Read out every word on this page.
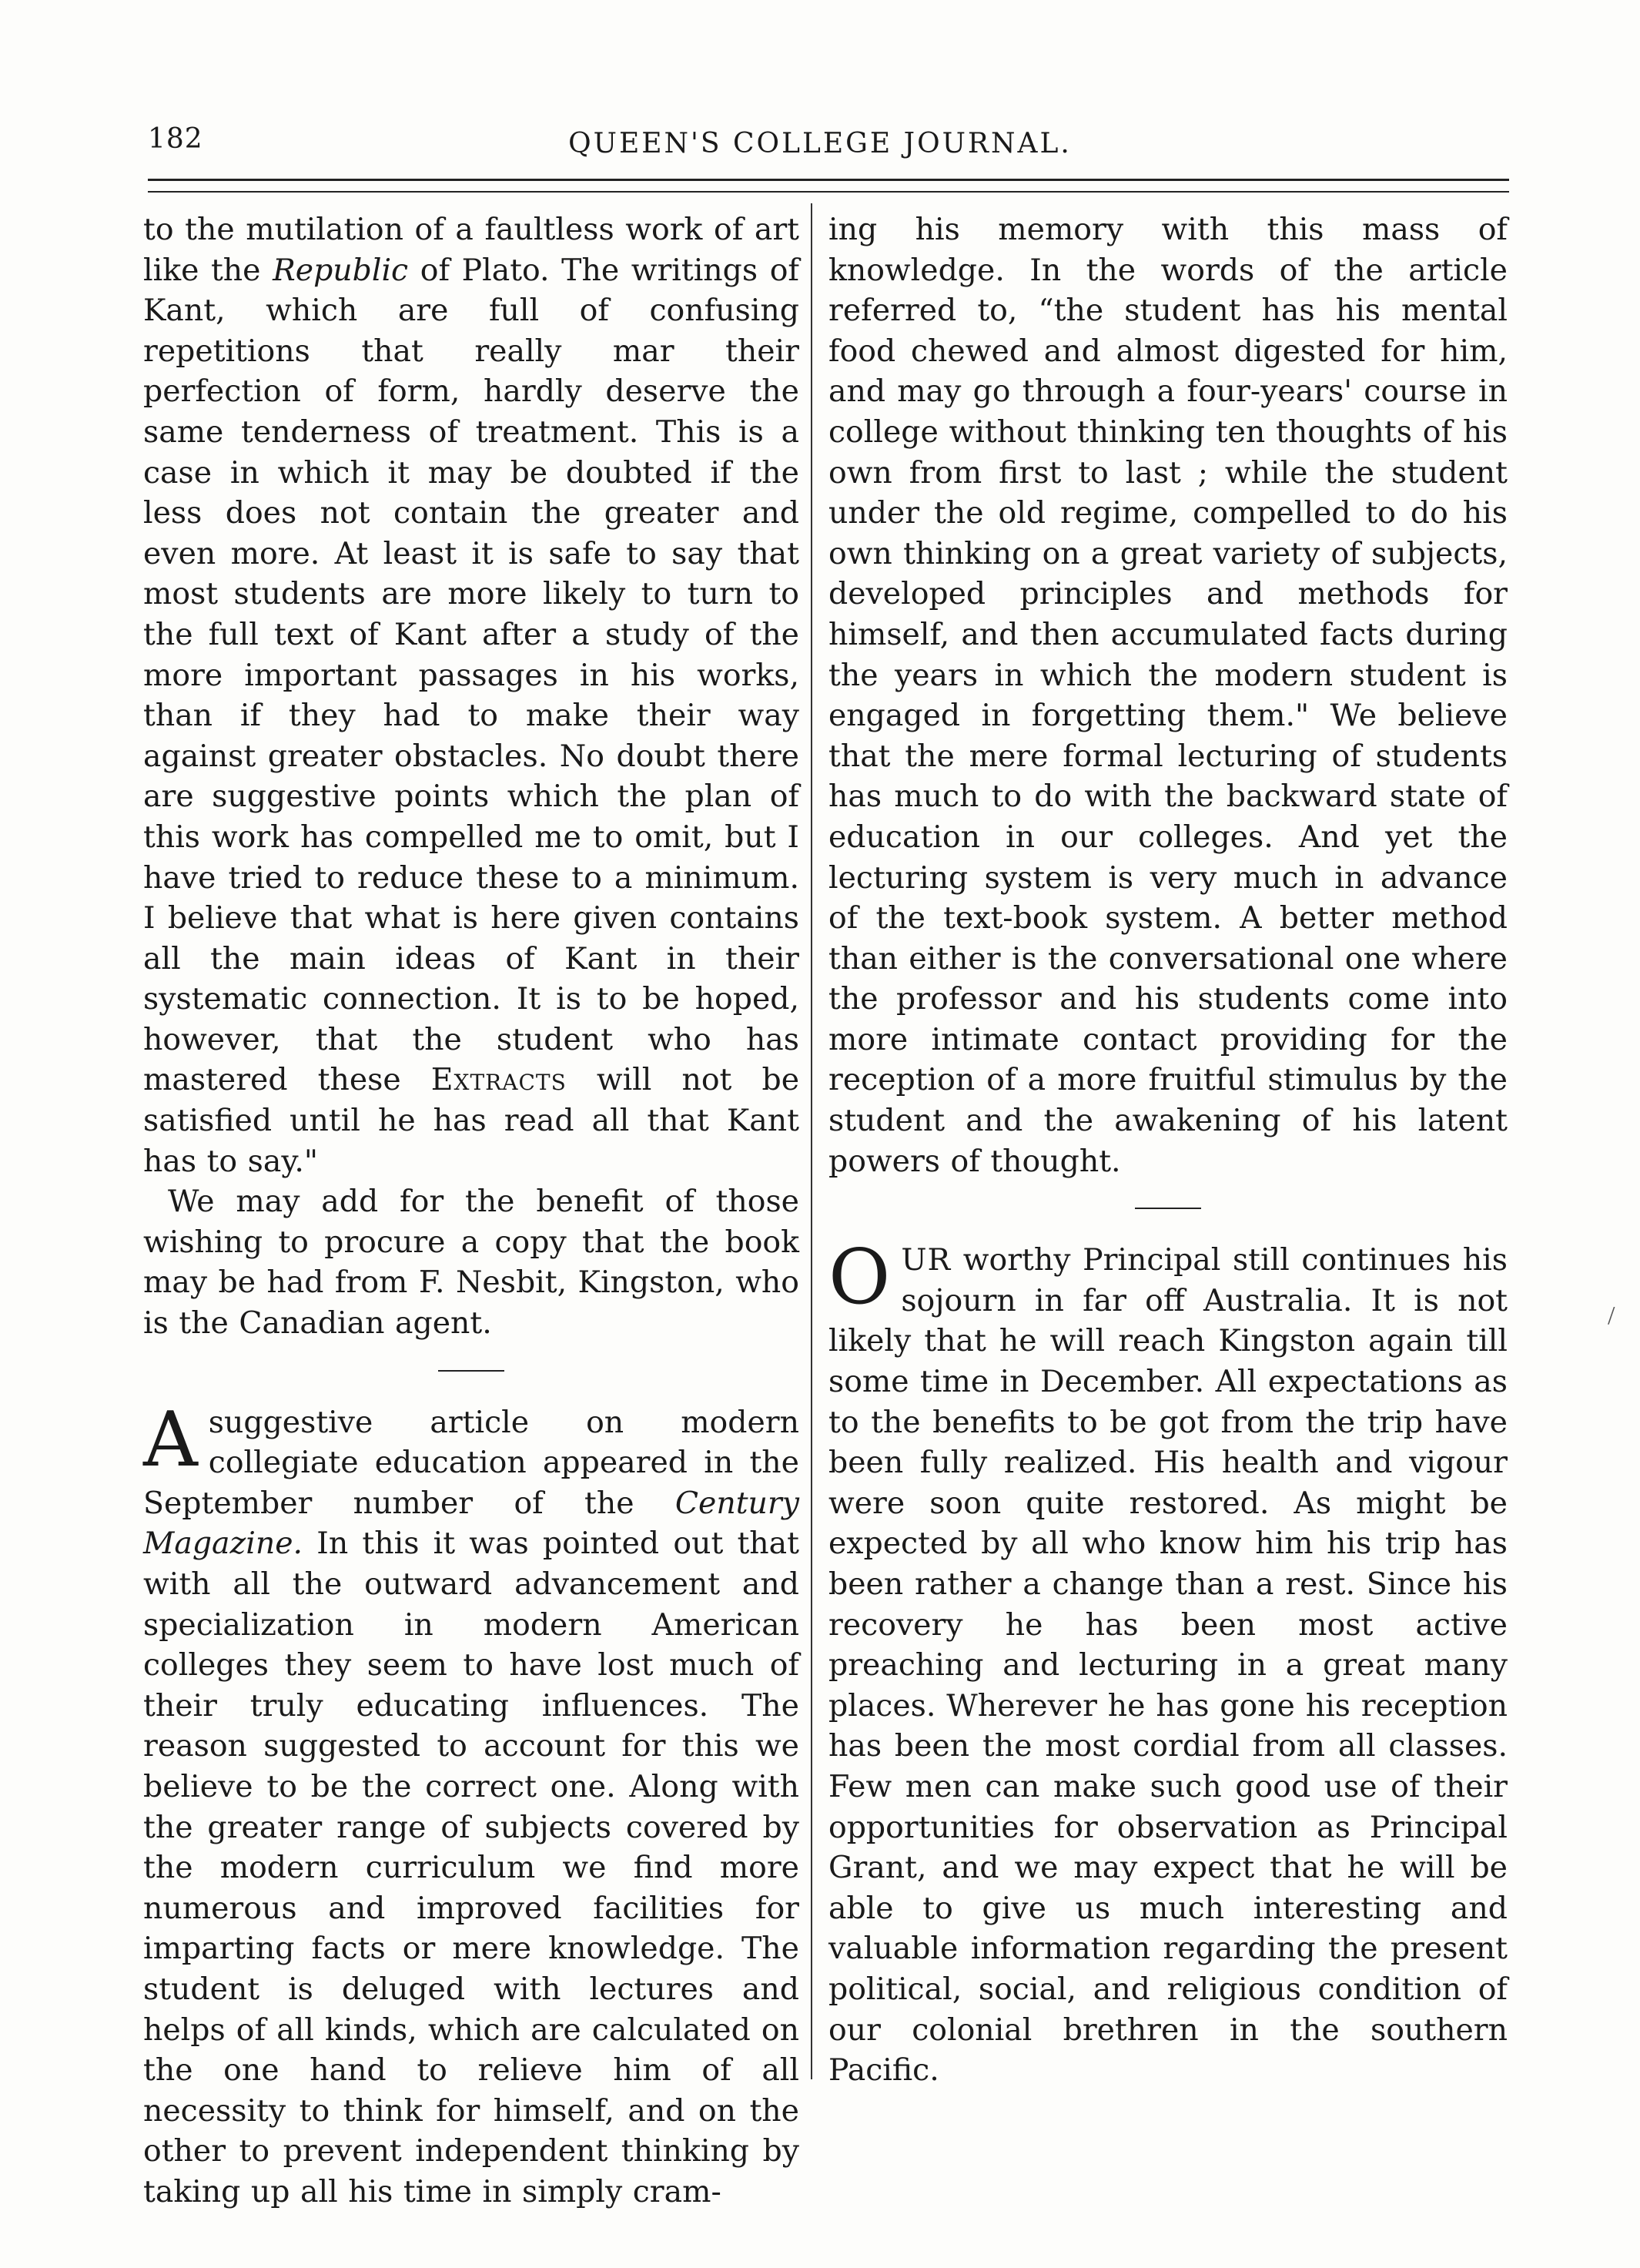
182	QUEEN'S COLLEGE JOURNAL.

to the mutilation of a faultless work of art like the Republic of Plato. The writings of Kant, which are full of confusing repetitions that really mar their perfection of form, hardly deserve the same tenderness of treatment. This is a case in which it may be doubted if the less does not contain the greater and even more. At least it is safe to say that most students are more likely to turn to the full text of Kant after a study of the more important passages in his works, than if they had to make their way against greater obstacles. No doubt there are suggestive points which the plan of this work has compelled me to omit, but I have tried to reduce these to a minimum. I believe that what is here given contains all the main ideas of Kant in their systematic connection. It is to be hoped, however, that the student who has mastered these Extracts will not be satisfied until he has read all that Kant has to say."

We may add for the benefit of those wishing to procure a copy that the book may be had from F. Nesbit, Kingston, who is the Canadian agent.

A suggestive article on modern collegiate education appeared in the September number of the Century Magazine. In this it was pointed out that with all the outward advancement and specialization in modern American colleges they seem to have lost much of their truly educating influences. The reason suggested to account for this we believe to be the correct one. Along with the greater range of subjects covered by the modern curriculum we find more numerous and improved facilities for imparting facts or mere knowledge. The student is deluged with lectures and helps of all kinds, which are calculated on the one hand to relieve him of all necessity to think for himself, and on the other to prevent independent thinking by taking up all his time in simply cram-

ing his memory with this mass of knowledge. In the words of the article referred to, “the student has his mental food chewed and almost digested for him, and may go through a four-years' course in college without thinking ten thoughts of his own from first to last ; while the student under the old regime, compelled to do his own thinking on a great variety of subjects, developed principles and methods for himself, and then accumulated facts during the years in which the modern student is engaged in forgetting them." We believe that the mere formal lecturing of students has much to do with the backward state of education in our colleges. And yet the lecturing system is very much in advance of the text-book system. A better method than either is the conversational one where the professor and his students come into more intimate contact providing for the reception of a more fruitful stimulus by the student and the awakening of his latent powers of thought.

OUR worthy Principal still continues his sojourn in far off Australia. It is not likely that he will reach Kingston again till some time in December. All expectations as to the benefits to be got from the trip have been fully realized. His health and vigour were soon quite restored. As might be expected by all who know him his trip has been rather a change than a rest. Since his recovery he has been most active preaching and lecturing in a great many places. Wherever he has gone his reception has been the most cordial from all classes. Few men can make such good use of their opportunities for observation as Principal Grant, and we may expect that he will be able to give us much interesting and valuable information regarding the present political, social, and religious condition of our colonial brethren in the southern Pacific.

/
